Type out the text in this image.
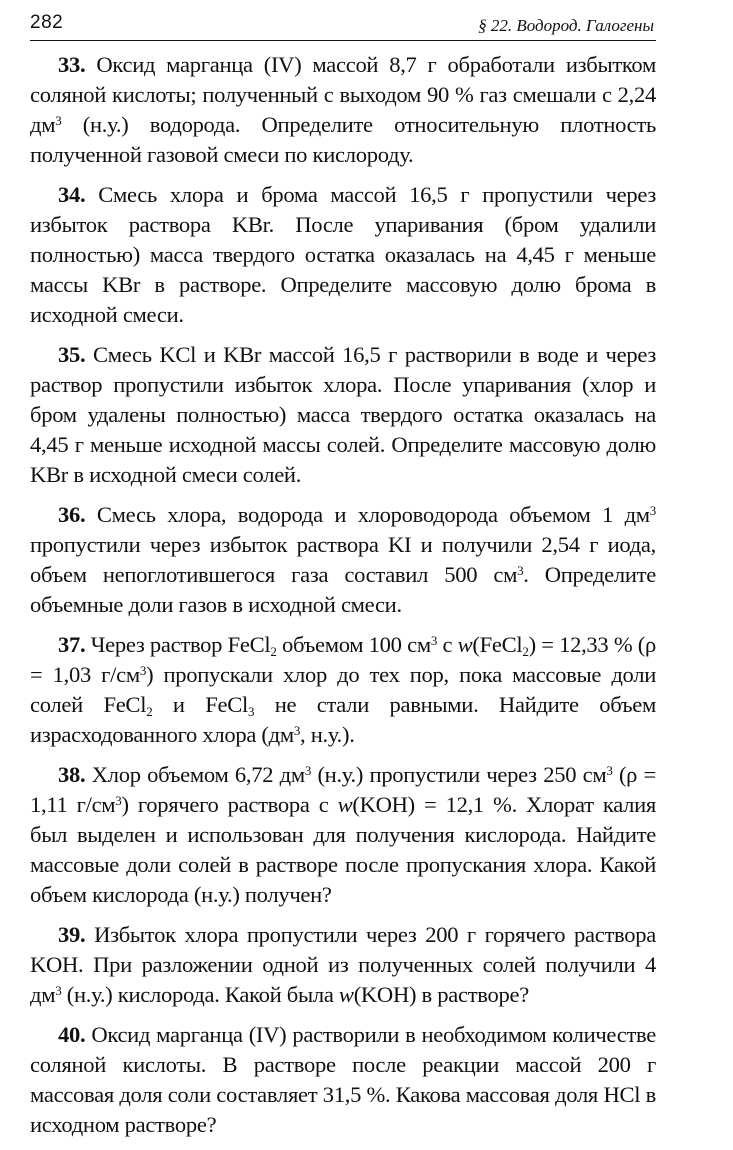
282	§ 22. Водород. Галогены

33. Оксид марганца (IV) массой 8,7 г обработали избытком соляной кислоты; полученный с выходом 90 % газ смешали с 2,24 $дм^3$ (н.у.) водорода. Определите относительную плотность полученной газовой смеси по кислороду.

34. Смесь хлора и брома массой 16,5 г пропустили через избыток раствора KBr. После упаривания (бром удалили полностью) масса твердого остатка оказалась на 4,45 г меньше массы KBr в растворе. Определите массовую долю брома в исходной смеси.

35. Смесь KCl и KBr массой 16,5 г растворили в воде и через раствор пропустили избыток хлора. После упаривания (хлор и бром удалены полностью) масса твердого остатка оказалась на 4,45 г меньше исходной массы солей. Определите массовую долю KBr в исходной смеси солей.

36. Смесь хлора, водорода и хлороводорода объемом 1 $дм^3$ пропустили через избыток раствора KI и получили 2,54 г иода, объем непоглотившегося газа составил 500 $см^3$. Определите объемные доли газов в исходной смеси.

37. Через раствор FeCl$_2$ объемом 100 $см^3$ с w(FeCl$_2$) = 12,33 % (ρ = 1,03 $г/см^3$) пропускали хлор до тех пор, пока массовые доли солей FeCl$_2$ и FeCl$_3$ не стали равными. Найдите объем израсходованного хлора ($дм^3$, н.у.).

38. Хлор объемом 6,72 $дм^3$ (н.у.) пропустили через 250 $см^3$ (ρ = 1,11 $г/см^3$) горячего раствора с w(KOH) = 12,1 %. Хлорат калия был выделен и использован для получения кислорода. Найдите массовые доли солей в растворе после пропускания хлора. Какой объем кислорода (н.у.) получен?

39. Избыток хлора пропустили через 200 г горячего раствора KOH. При разложении одной из полученных солей получили 4 $дм^3$ (н.у.) кислорода. Какой была w(KOH) в растворе?

40. Оксид марганца (IV) растворили в необходимом количестве соляной кислоты. В растворе после реакции массой 200 г массовая доля соли составляет 31,5 %. Какова массовая доля HCl в исходном растворе?
